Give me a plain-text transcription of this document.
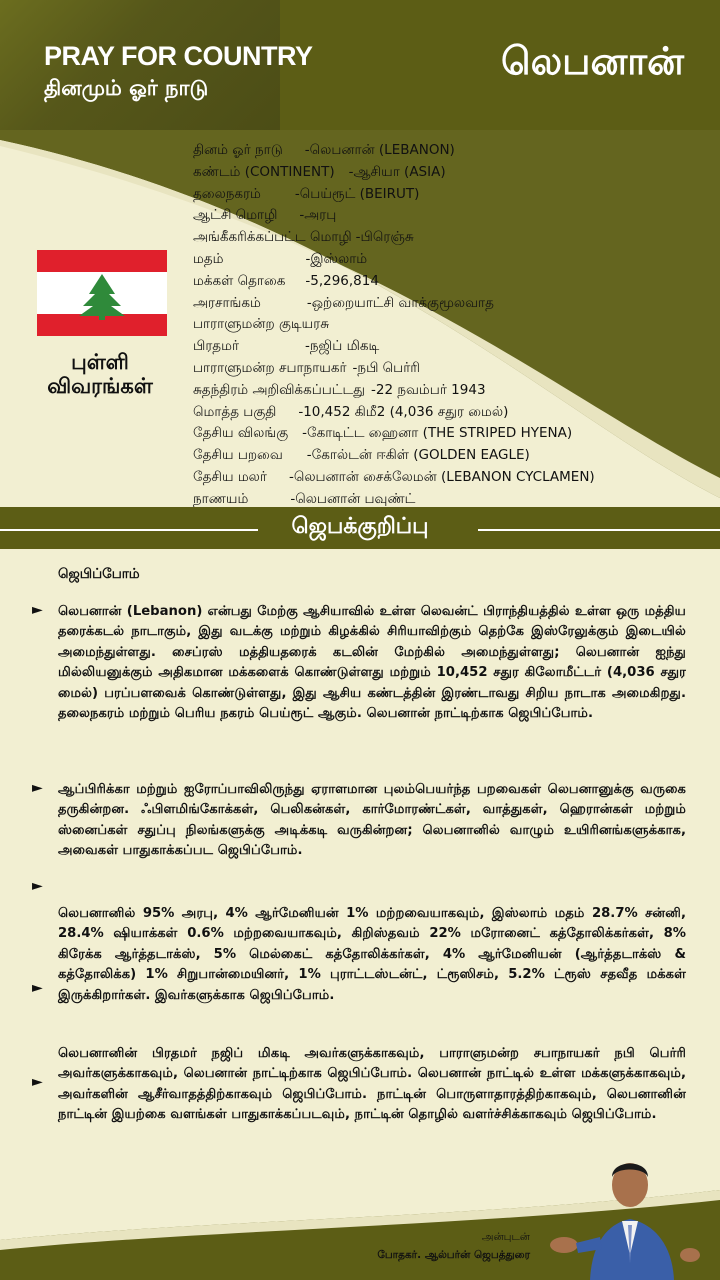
PRAY FOR COUNTRY
தினமும் ஓர் நாடு
லெபனான்
புள்ளி
விவரங்கள்
தினம் ஓர் நாடு -லெபனான் (LEBANON)
கண்டம் (CONTINENT) -ஆசியா (ASIA)
தலைநகரம்	-பெய்ரூட் (BEIRUT)
ஆட்சி மொழி -அரபு
அங்கீகரிக்கப்பட்ட மொழி -பிரெஞ்சு
மதம்	-இஸ்லாம்
மக்கள் தொகை -5,296,814
அரசாங்கம்	-ஒற்றையாட்சி வாக்குமூலவாத
பாராளுமன்ற குடியரசு
பிரதமர்	-நஜிப் மிகடி
பாராளுமன்ற சபாநாயகர் -நபி பெர்ரி
சுதந்திரம் அறிவிக்கப்பட்டது -22 நவம்பர் 1943
மொத்த பகுதி -10,452 கிமீ2 (4,036 சதுர மைல்)
தேசிய விலங்கு -கோடிட்ட ஹைனா (THE STRIPED HYENA)
தேசிய பறவை -கோல்டன் ஈகிள் (GOLDEN EAGLE)
தேசிய மலர் -லெபனான் சைக்லேமன் (LEBANON CYCLAMEN)
நாணயம்	-லெபனான் பவுண்ட்
ஜெபக்குறிப்பு
ஜெபிப்போம்
► லெபனான் (Lebanon) என்பது மேற்கு ஆசியாவில் உள்ள லெவன்ட் பிராந்தியத்தில் உள்ள ஒரு மத்திய தரைக்கடல் நாடாகும், இது வடக்கு மற்றும் கிழக்கில் சிரியாவிற்கும் தெற்கே இஸ்ரேலுக்கும் இடையில் அமைந்துள்ளது. சைப்ரஸ் மத்தியதரைக் கடலின் மேற்கில் அமைந்துள்ளது; லெபனான் ஐந்து மில்லியனுக்கும் அதிகமான மக்களைக் கொண்டுள்ளது மற்றும் 10,452 சதுர கிலோமீட்டர் (4,036 சதுர மைல்) பரப்பளவைக் கொண்டுள்ளது, இது ஆசிய கண்டத்தின் இரண்டாவது சிறிய நாடாக அமைகிறது. தலைநகரம் மற்றும் பெரிய நகரம் பெய்ரூட் ஆகும். லெபனான் நாட்டிற்காக ஜெபிப்போம்.
► ஆப்பிரிக்கா மற்றும் ஐரோப்பாவிலிருந்து ஏராளமான புலம்பெயர்ந்த பறவைகள் லெபனானுக்கு வருகை தருகின்றன. ஃபிளமிங்கோக்கள், பெலிகன்கள், கார்மோரண்ட்கள், வாத்துகள், ஹெரான்கள் மற்றும் ஸ்னைப்கள் சதுப்பு நிலங்களுக்கு அடிக்கடி வருகின்றன; லெபனானில் வாழும் உயிரினங்களுக்காக, அவைகள் பாதுகாக்கப்பட ஜெபிப்போம்.
►
லெபனானில் 95% அரபு, 4% ஆர்மேனியன் 1% மற்றவையாகவும், இஸ்லாம் மதம் 28.7% சன்னி, 28.4% ஷியாக்கள் 0.6% மற்றவையாகவும், கிறிஸ்தவம் 22% மரோனைட் கத்தோலிக்கர்கள், 8% கிரேக்க ஆர்த்தடாக்ஸ், 5% மெல்கைட் கத்தோலிக்கர்கள், 4% ஆர்மேனியன் (ஆர்த்தடாக்ஸ் & கத்தோலிக்க) 1% சிறுபான்மையினர், 1% புராட்டஸ்டன்ட், ட்ரூஸிசம், 5.2% ட்ரூஸ் சதவீத மக்கள் இருக்கிறார்கள். இவர்களுக்காக ஜெபிப்போம்.
►
►
லெபனானின் பிரதமர் நஜிப் மிகடி அவர்களுக்காகவும், பாராளுமன்ற சபாநாயகர் நபி பெர்ரி அவர்களுக்காகவும், லெபனான் நாட்டிற்காக ஜெபிப்போம். லெபனான் நாட்டில் உள்ள மக்களுக்காகவும், அவர்களின் ஆசீர்வாதத்திற்காகவும் ஜெபிப்போம். நாட்டின் பொருளாதாரத்திற்காகவும், லெபனானின் நாட்டின் இயற்கை வளங்கள் பாதுகாக்கப்படவும், நாட்டின் தொழில் வளர்ச்சிக்காகவும் ஜெபிப்போம்.
அன்புடன்
போதகர். ஆல்பர்ன் ஜெபத்துரை
